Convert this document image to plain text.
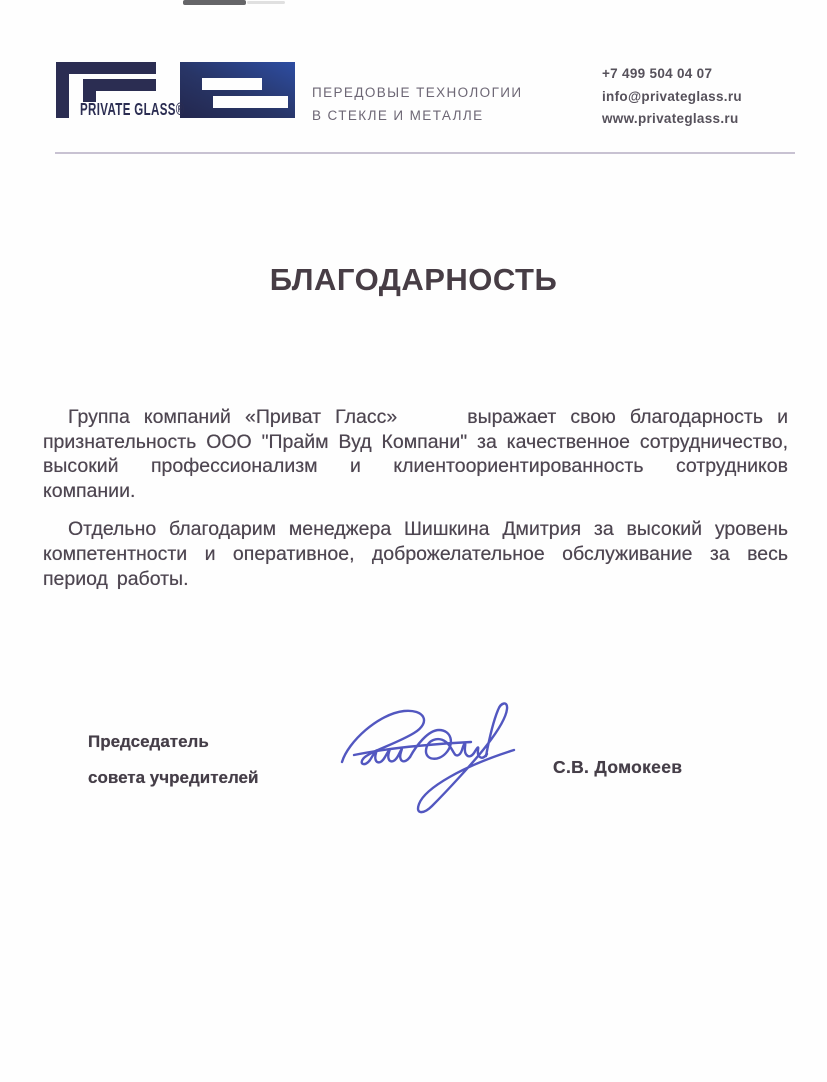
PRIVATE GLASS®
ПЕРЕДОВЫЕ ТЕХНОЛОГИИ
В СТЕКЛЕ И МЕТАЛЛЕ
+7 499 504 04 07
info@privateglass.ru
www.privateglass.ru
БЛАГОДАРНОСТЬ

Группа компаний «Приват Гласс»	выражает свою благодарность и признательность ООО "Прайм Вуд Компани" за качественное сотрудничество, высокий профессионализм и клиентоориентированность сотрудников компании.

Отдельно благодарим менеджера Шишкина Дмитрия за высокий уровень компетентности и оперативное, доброжелательное обслуживание за весь период работы.

Председатель
совета учредителей
С.В. Домокеев
